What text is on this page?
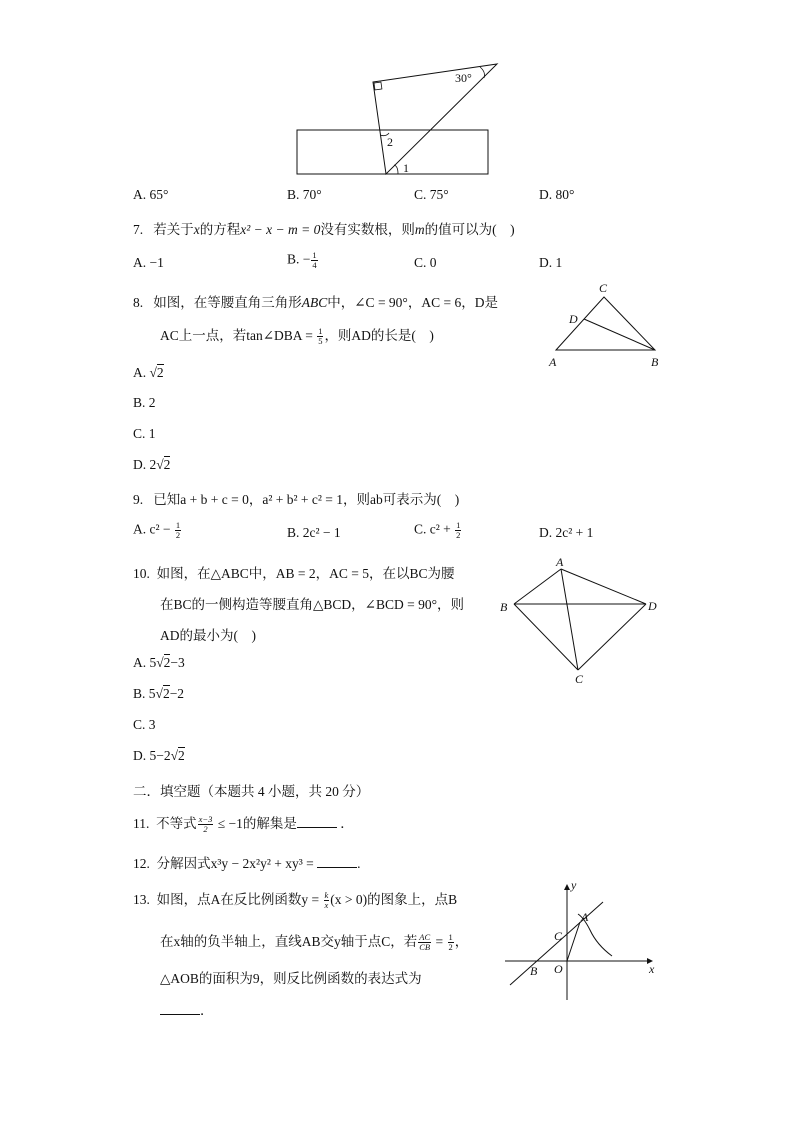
30°
2
1
A. 65°	B. 70°	C. 75°	D. 80°
7. 若关于x的方程x² − x − m = 0没有实数根，则m的值可以为(　)
A. −1	B. − $\frac{1}{4}$	C. 0	D. 1
8. 如图，在等腰直角三角形ABC中，∠C = 90°，AC = 6，D是
AC上一点，若tan∠DBA = $\frac{1}{5}$ ，则AD的长是(　)
C
D
A	B
A. √2
B. 2
C. 1
D. 2√2
9. 已知a + b + c = 0，a² + b² + c² = 1，则ab可表示为(　)
A. $c^2 - \frac{1}{2}$	B. 2c² − 1	C. $c^2 + \frac{1}{2}$	D. 2c² + 1
10. 如图，在△ABC中，AB = 2，AC = 5，在以BC为腰
在BC的一侧构造等腰直角△BCD，∠BCD = 90°，则
AD的最小为(　)
A
B	D
C
A. 5√2−3
B. 5√2−2
C. 3
D. 5−2√2
二．填空题（本题共 4 小题，共 20 分）
11. 不等式 $\frac{x-3}{2} \le -1$的解集是	．
12. 分解因式x³y − 2x²y² + xy³ =	.
13. 如图，点A在反比例函数$y = \frac{k}{x} (x > 0)$的图象上，点B
在x轴的负半轴上，直线AB交y轴于点C，若 $\frac{AC}{CB} = \frac{1}{2}$ ，
△AOB的面积为9，则反比例函数的表达式为
．
y
x
A
C
B O
